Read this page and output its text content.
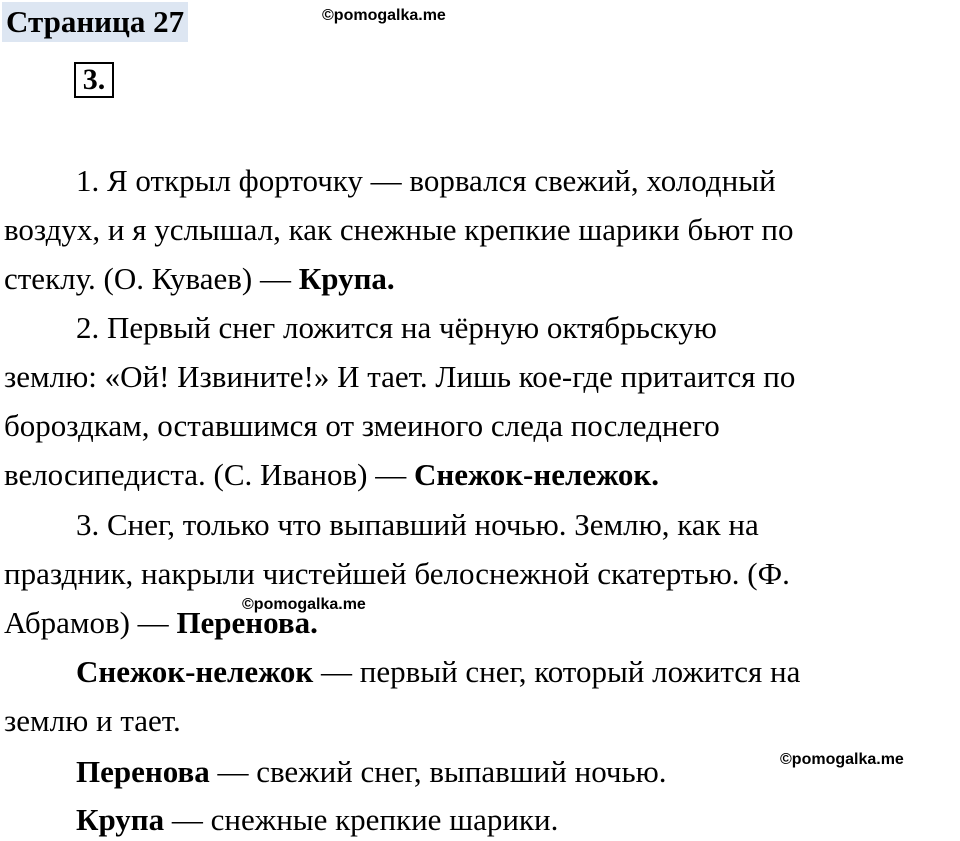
Страница 27	©pomogalka.me
3.
1. Я открыл форточку — ворвался свежий, холодный
воздух, и я услышал, как снежные крепкие шарики бьют по
стеклу. (О. Куваев) — Крупа.
2. Первый снег ложится на чёрную октябрьскую
землю: «Ой! Извините!» И тает. Лишь кое-где притаится по
бороздкам, оставшимся от змеиного следа последнего
велосипедиста. (С. Иванов) — Снежок-нележок.
3. Снег, только что выпавший ночью. Землю, как на
праздник, накрыли чистейшей белоснежной скатертью. (Ф.
Абрамов) — Перенова.
©pomogalka.me
Снежок-нележок — первый снег, который ложится на
землю и тает.
Перенова — свежий снег, выпавший ночью.	©pomogalka.me
Крупа — снежные крепкие шарики.
